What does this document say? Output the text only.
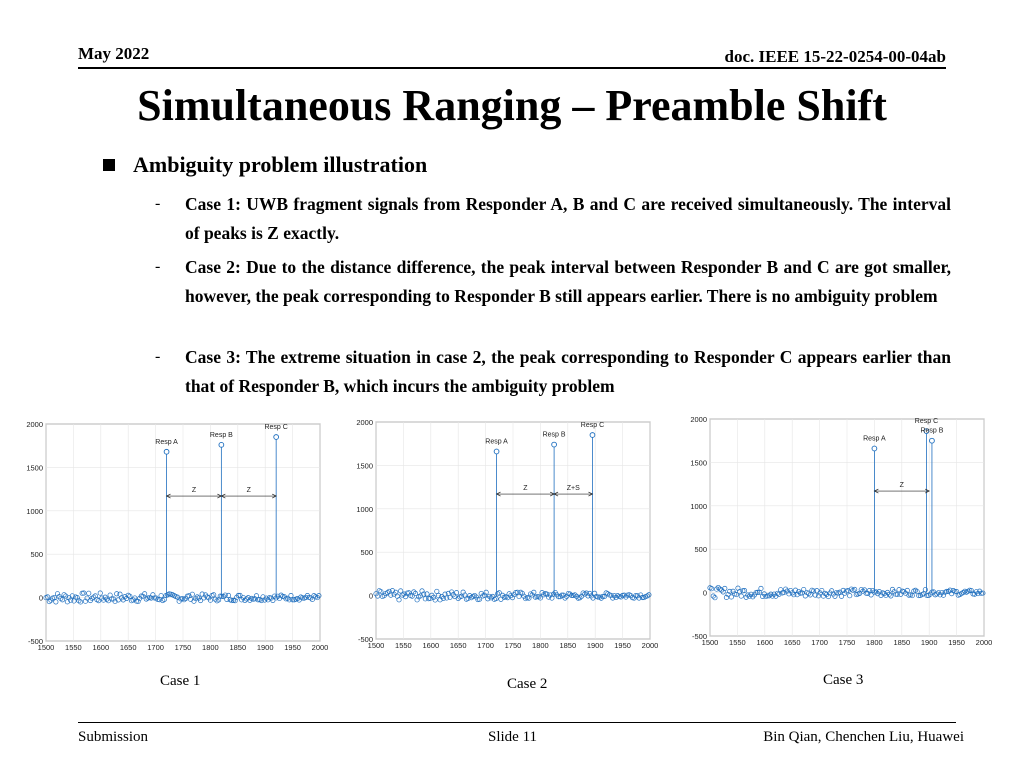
May 2022	doc. IEEE 15-22-0254-00-04ab
Simultaneous Ranging – Preamble Shift
Ambiguity problem illustration
- Case 1: UWB fragment signals from Responder A, B and C are received simultaneously. The interval of peaks is Z exactly.
- Case 2: Due to the distance difference, the peak interval between Responder B and C are got smaller, however, the peak corresponding to Responder B still appears earlier. There is no ambiguity problem
- Case 3: The extreme situation in case 2, the peak corresponding to Responder C appears earlier than that of Responder B, which incurs the ambiguity problem
1500 1550 1600 1650 1700 1750 1800 1850 1900 1950 2000
-500
0
500
1000
1500
2000
Resp A
Resp B
Resp C
Z	Z
1500 1550 1600 1650 1700 1750 1800 1850 1900 1950 2000
-500
0
500
1000
1500
2000
Resp A
Resp B
Resp C
Z	Z+S
1500 1550 1600 1650 1700 1750 1800 1850 1900 1950 2000
-500
0
500
1000
1500
2000
Resp A
Resp C
Resp B
Z
Case 1	Case 2	Case 3
Submission	Slide 11	Bin Qian, Chenchen Liu, Huawei
